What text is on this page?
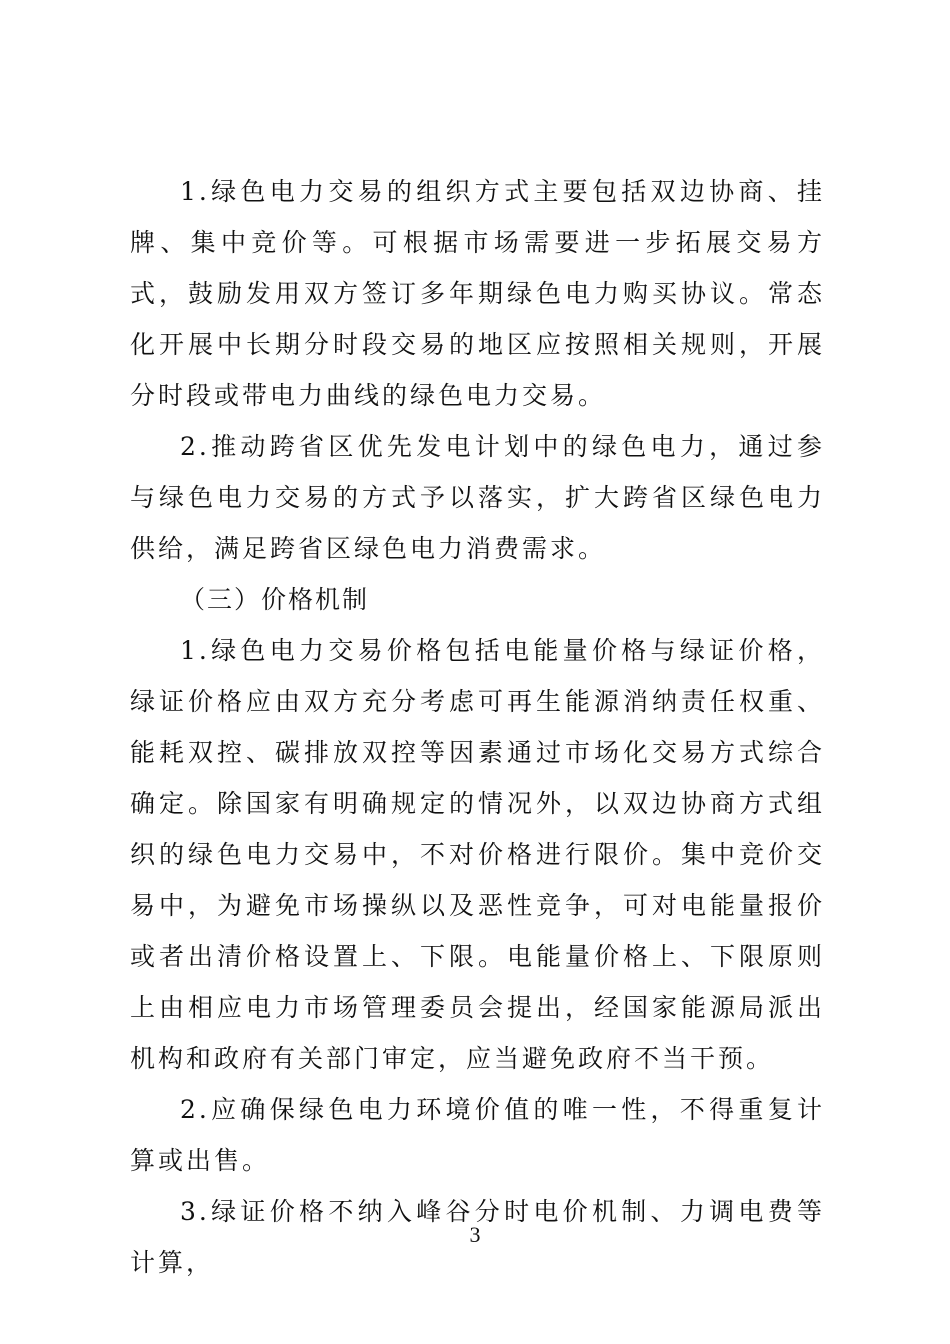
1.绿色电力交易的组织方式主要包括双边协商、挂牌、集中竞价等。可根据市场需要进一步拓展交易方式，鼓励发用双方签订多年期绿色电力购买协议。常态化开展中长期分时段交易的地区应按照相关规则，开展分时段或带电力曲线的绿色电力交易。

2.推动跨省区优先发电计划中的绿色电力，通过参与绿色电力交易的方式予以落实，扩大跨省区绿色电力供给，满足跨省区绿色电力消费需求。

（三）价格机制

1.绿色电力交易价格包括电能量价格与绿证价格，绿证价格应由双方充分考虑可再生能源消纳责任权重、能耗双控、碳排放双控等因素通过市场化交易方式综合确定。除国家有明确规定的情况外，以双边协商方式组织的绿色电力交易中，不对价格进行限价。集中竞价交易中，为避免市场操纵以及恶性竞争，可对电能量报价或者出清价格设置上、下限。电能量价格上、下限原则上由相应电力市场管理委员会提出，经国家能源局派出机构和政府有关部门审定，应当避免政府不当干预。

2.应确保绿色电力环境价值的唯一性，不得重复计算或出售。

3.绿证价格不纳入峰谷分时电价机制、力调电费等计算，

3
